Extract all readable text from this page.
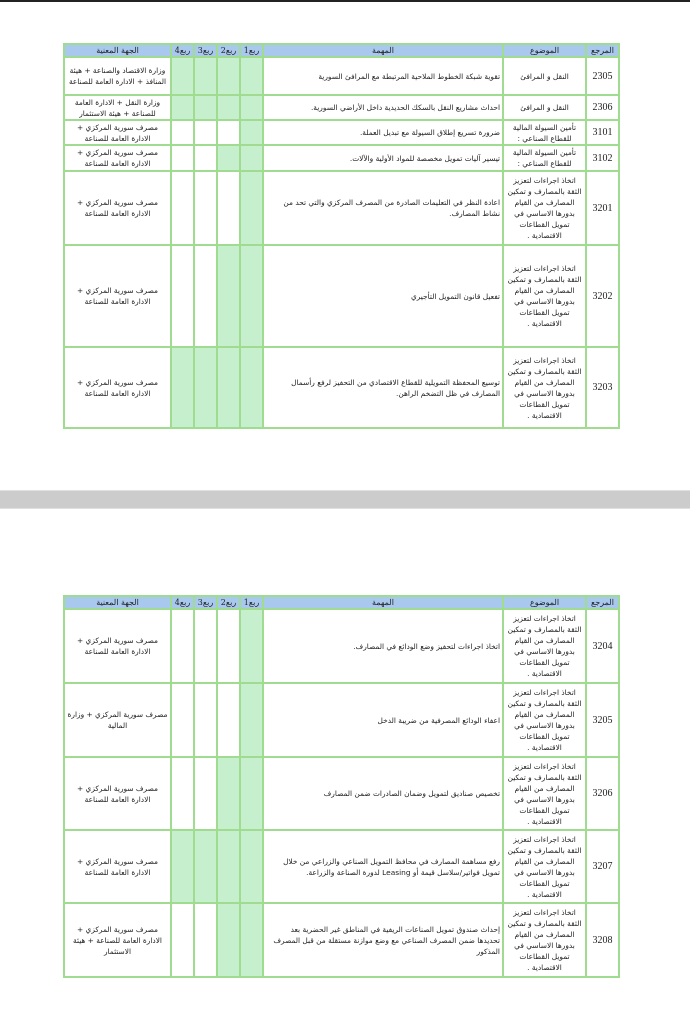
المرجع	الموضوع	المهمة	ربع1	ربع2	ربع3	ربع4	الجهة المعنية
2305	النقل و المرافئ	تقوية شبكة الخطوط الملاحية المرتبطة مع المرافئ السورية					وزارة الاقتصاد والصناعة + هيئة المنافذ + الادارة العامة للصناعة
2306	النقل و المرافئ	احداث مشاريع النقل بالسكك الحديدية داخل الأراضي السورية.					وزارة النقل + الادارة العامة للصناعة + هيئة الاستثمار
3101	تأمين السيولة المالية للقطاع الصناعي :	ضرورة تسريع إطلاق السيولة مع تبديل العملة.					مصرف سورية المركزي + الادارة العامة للصناعة
3102	تأمين السيولة المالية للقطاع الصناعي :	تيسير آليات تمويل مخصصة للمواد الأولية والآلات.					مصرف سورية المركزي + الادارة العامة للصناعة
3201	اتخاذ اجراءات لتعزيز الثقة بالمصارف و تمكين المصارف من القيام بدورها الاساسي في تمويل القطاعات الاقتصادية .	اعادة النظر في التعليمات الصادرة من المصرف المركزي والتي تحد من نشاط المصارف.					مصرف سورية المركزي + الادارة العامة للصناعة
3202	اتخاذ اجراءات لتعزيز الثقة بالمصارف و تمكين المصارف من القيام بدورها الاساسي في تمويل القطاعات الاقتصادية .	تفعيل قانون التمويل التأجيري					مصرف سورية المركزي + الادارة العامة للصناعة
3203	اتخاذ اجراءات لتعزيز الثقة بالمصارف و تمكين المصارف من القيام بدورها الاساسي في تمويل القطاعات الاقتصادية .	توسيع المحفظة التمويلية للقطاع الاقتصادي من التحفيز لرفع رأسمال المصارف في ظل التضخم الراهن.					مصرف سورية المركزي + الادارة العامة للصناعة
المرجع	الموضوع	المهمة	ربع1	ربع2	ربع3	ربع4	الجهة المعنية
3204	اتخاذ اجراءات لتعزيز الثقة بالمصارف و تمكين المصارف من القيام بدورها الاساسي في تمويل القطاعات الاقتصادية .	اتخاذ اجراءات لتحفيز وضع الودائع في المصارف.					مصرف سورية المركزي + الادارة العامة للصناعة
3205	اتخاذ اجراءات لتعزيز الثقة بالمصارف و تمكين المصارف من القيام بدورها الاساسي في تمويل القطاعات الاقتصادية .	اعفاء الودائع المصرفية من ضريبة الدخل					مصرف سورية المركزي + وزارة المالية
3206	اتخاذ اجراءات لتعزيز الثقة بالمصارف و تمكين المصارف من القيام بدورها الاساسي في تمويل القطاعات الاقتصادية .	تخصيص صناديق لتمويل وضمان الصادرات ضمن المصارف					مصرف سورية المركزي + الادارة العامة للصناعة
3207	اتخاذ اجراءات لتعزيز الثقة بالمصارف و تمكين المصارف من القيام بدورها الاساسي في تمويل القطاعات الاقتصادية .	رفع مساهمة المصارف في محافظ التمويل الصناعي والزراعي من خلال تمويل فواتير/سلاسل قيمة أو Leasing لدورة الصناعة والزراعة.					مصرف سورية المركزي + الادارة العامة للصناعة
3208	اتخاذ اجراءات لتعزيز الثقة بالمصارف و تمكين المصارف من القيام بدورها الاساسي في تمويل القطاعات الاقتصادية .	إحداث صندوق تمويل الصناعات الريفية في المناطق غير الحضرية بعد تحديدها ضمن المصرف الصناعي مع وضع موازنة مستقلة من قبل المصرف المذكور					مصرف سورية المركزي + الادارة العامة للصناعة + هيئة الاستثمار
